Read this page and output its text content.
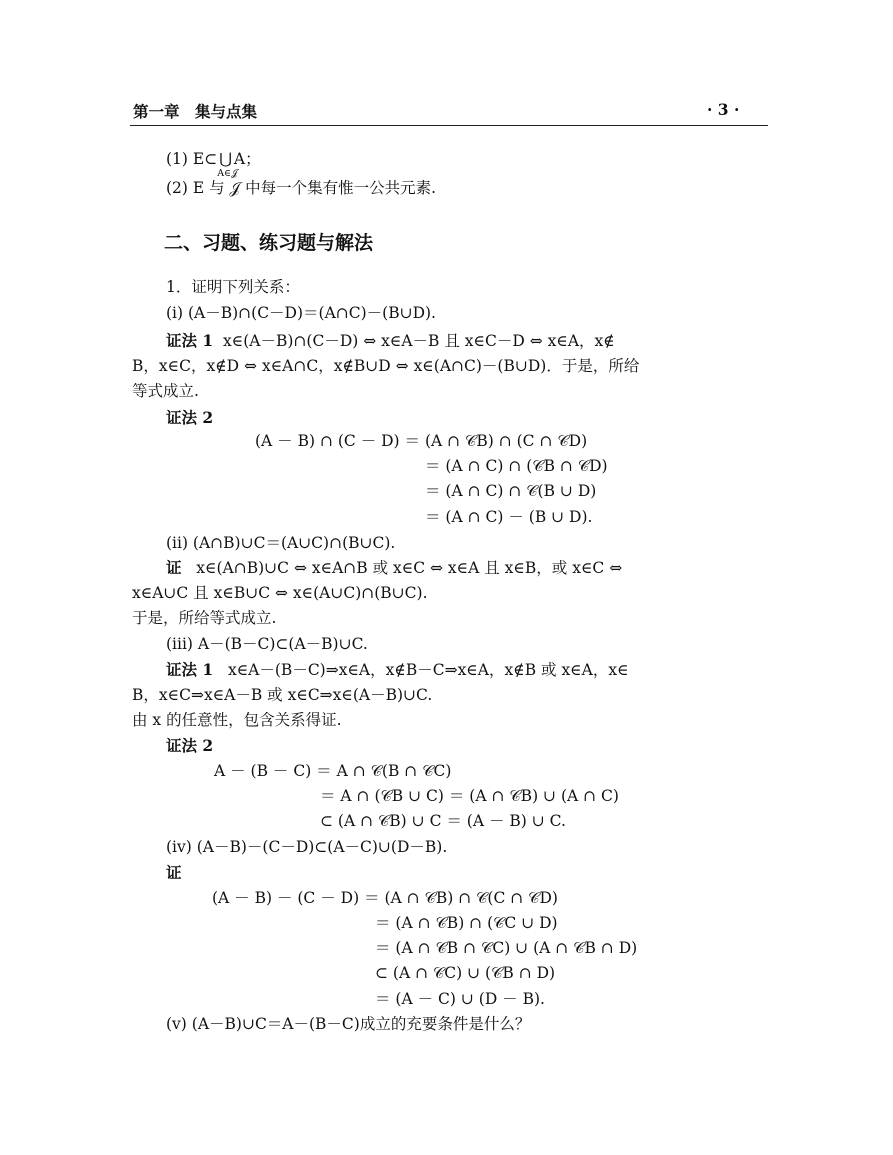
第一章　集与点集	· 3 ·
(1) E⊂ ⋃
A∈𝒥
A；
(2) E 与 𝒥 中每一个集有惟一公共元素.
二、习题、练习题与解法
1．证明下列关系：
(i) (A－B)∩(C－D)＝(A∩C)－(B∪D).
证法 1 x∈(A－B)∩(C－D) ⇔ x∈A－B 且 x∈C－D ⇔ x∈A，x∉
B，x∈C，x∉D ⇔ x∈A∩C，x∉B∪D ⇔ x∈(A∩C)－(B∪D)．于是，所给
等式成立.
证法 2
(A － B) ∩ (C － D) ＝ (A ∩ 𝒞B) ∩ (C ∩ 𝒞D)
＝ (A ∩ C) ∩ (𝒞B ∩ 𝒞D)
＝ (A ∩ C) ∩ 𝒞(B ∪ D)
＝ (A ∩ C) － (B ∪ D).
(ii) (A∩B)∪C＝(A∪C)∩(B∪C).
证 x∈(A∩B)∪C ⇔ x∈A∩B 或 x∈C ⇔ x∈A 且 x∈B，或 x∈C ⇔
x∈A∪C 且 x∈B∪C ⇔ x∈(A∪C)∩(B∪C).
于是，所给等式成立.
(iii) A－(B－C)⊂(A－B)∪C.
证法 1 x∈A－(B－C)⇒x∈A，x∉B－C⇒x∈A，x∉B 或 x∈A，x∈
B，x∈C⇒x∈A－B 或 x∈C⇒x∈(A－B)∪C.
由 x 的任意性，包含关系得证.
证法 2
A － (B － C) ＝ A ∩ 𝒞(B ∩ 𝒞C)
＝ A ∩ (𝒞B ∪ C) ＝ (A ∩ 𝒞B) ∪ (A ∩ C)
⊂ (A ∩ 𝒞B) ∪ C ＝ (A － B) ∪ C.
(iv) (A－B)－(C－D)⊂(A－C)∪(D－B).
证
(A － B) － (C － D) ＝ (A ∩ 𝒞B) ∩ 𝒞(C ∩ 𝒞D)
＝ (A ∩ 𝒞B) ∩ (𝒞C ∪ D)
＝ (A ∩ 𝒞B ∩ 𝒞C) ∪ (A ∩ 𝒞B ∩ D)
⊂ (A ∩ 𝒞C) ∪ (𝒞B ∩ D)
＝ (A － C) ∪ (D － B).
(v) (A－B)∪C＝A－(B－C)成立的充要条件是什么？
